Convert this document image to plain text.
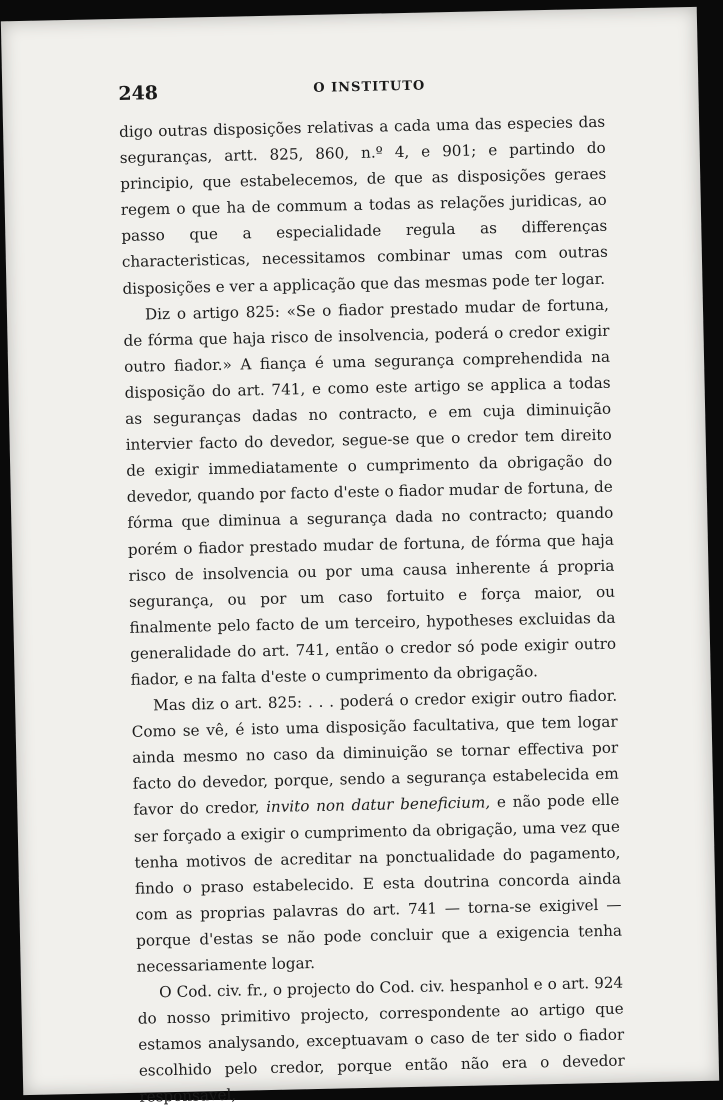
248	O INSTITUTO

digo outras disposições relativas a cada uma das especies das seguranças, artt. 825, 860, n.º 4, e 901; e partindo do principio, que estabelecemos, de que as disposições geraes regem o que ha de commum a todas as relações juridicas, ao passo que a especialidade regula as differenças characteristicas, necessitamos combinar umas com outras disposições e ver a applicação que das mesmas pode ter logar.

Diz o artigo 825: «Se o fiador prestado mudar de fortuna, de fórma que haja risco de insolvencia, poderá o credor exigir outro fiador.» A fiança é uma segurança comprehendida na disposição do art. 741, e como este artigo se applica a todas as seguranças dadas no contracto, e em cuja diminuição intervier facto do devedor, segue-se que o credor tem direito de exigir immediatamente o cumprimento da obrigação do devedor, quando por facto d'este o fiador mudar de fortuna, de fórma que diminua a segurança dada no contracto; quando porém o fiador prestado mudar de fortuna, de fórma que haja risco de insolvencia ou por uma causa inherente á propria segurança, ou por um caso fortuito e força maior, ou finalmente pelo facto de um terceiro, hypotheses excluidas da generalidade do art. 741, então o credor só pode exigir outro fiador, e na falta d'este o cumprimento da obrigação.

Mas diz o art. 825: . . . poderá o credor exigir outro fiador. Como se vê, é isto uma disposição facultativa, que tem logar ainda mesmo no caso da diminuição se tornar effectiva por facto do devedor, porque, sendo a segurança estabelecida em favor do credor, invito non datur beneficium, e não pode elle ser forçado a exigir o cumprimento da obrigação, uma vez que tenha motivos de acreditar na ponctualidade do pagamento, findo o praso estabelecido. E esta doutrina concorda ainda com as proprias palavras do art. 741 — torna-se exigivel — porque d'estas se não pode concluir que a exigencia tenha necessariamente logar.

O Cod. civ. fr., o projecto do Cod. civ. hespanhol e o art. 924 do nosso primitivo projecto, correspondente ao artigo que estamos analysando, exceptuavam o caso de ter sido o fiador escolhido pelo credor, porque então não era o devedor responsavel,
